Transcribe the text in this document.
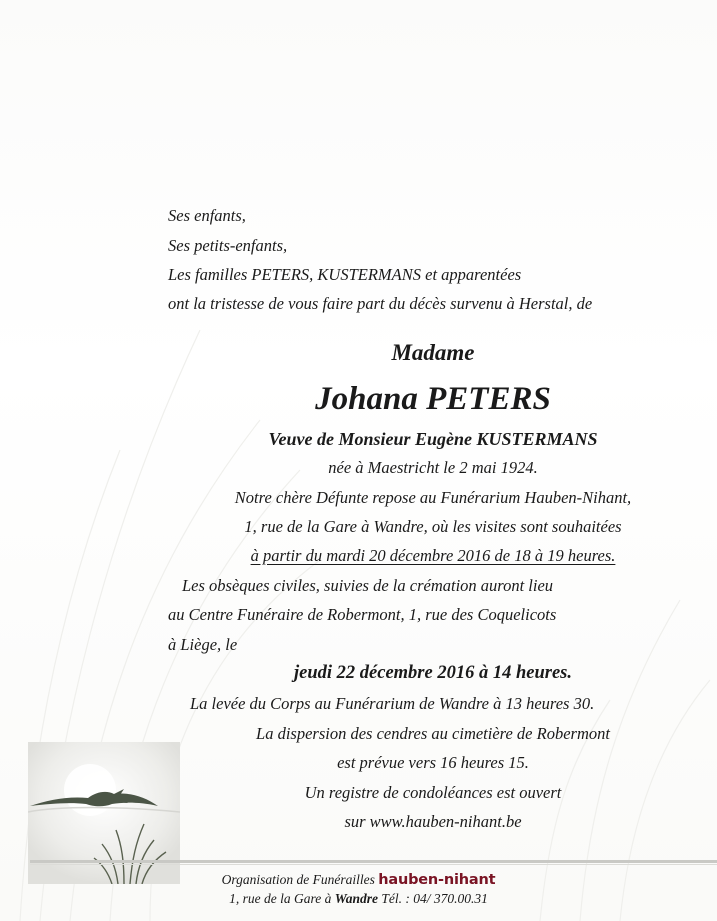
Ses enfants,
Ses petits-enfants,
Les familles PETERS, KUSTERMANS et apparentées
ont la tristesse de vous faire part du décès survenu à Herstal, de
Madame
Johana PETERS
Veuve de Monsieur Eugène KUSTERMANS
née à Maestricht le 2 mai 1924.
Notre chère Défunte repose au Funérarium Hauben-Nihant,
1, rue de la Gare à Wandre, où les visites sont souhaitées
à partir du mardi 20 décembre 2016 de 18 à 19 heures.
Les obsèques civiles, suivies de la crémation auront lieu
au Centre Funéraire de Robermont, 1, rue des Coquelicots
à Liège, le
jeudi 22 décembre 2016 à 14 heures.
La levée du Corps au Funérarium de Wandre à 13 heures 30.
La dispersion des cendres au cimetière de Robermont
est prévue vers 16 heures 15.
Un registre de condoléances est ouvert
sur www.hauben-nihant.be
Organisation de Funérailles hauben-nihant
1, rue de la Gare à Wandre Tél. : 04/ 370.00.31
